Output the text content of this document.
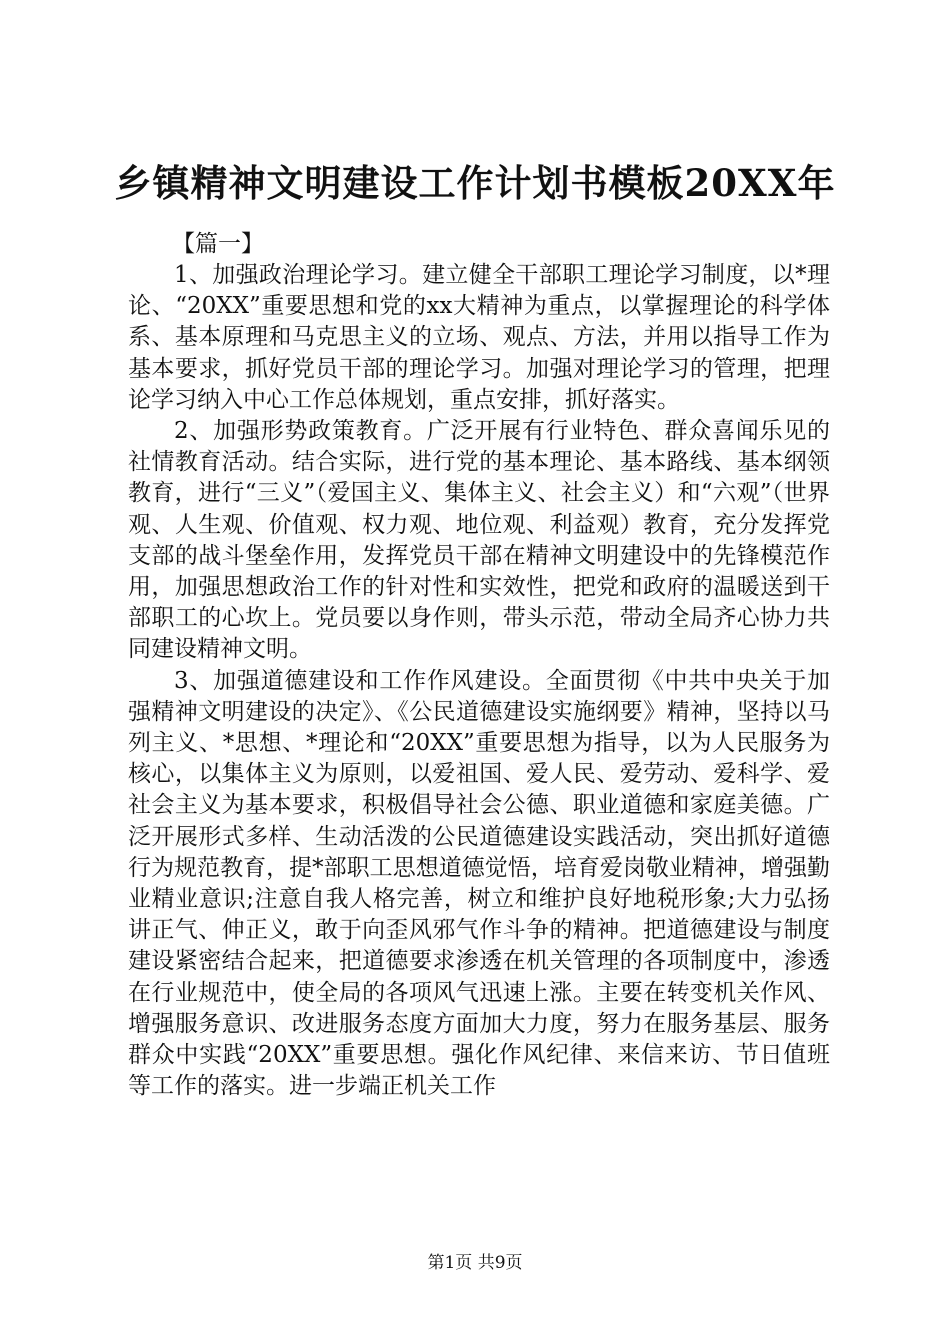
乡镇精神文明建设工作计划书模板20XX年
【篇一】

1、加强政治理论学习。建立健全干部职工理论学习制度，以*理论、“20XX”重要思想和党的xx大精神为重点，以掌握理论的科学体系、基本原理和马克思主义的立场、观点、方法，并用以指导工作为基本要求，抓好党员干部的理论学习。加强对理论学习的管理，把理论学习纳入中心工作总体规划，重点安排，抓好落实。

2、加强形势政策教育。广泛开展有行业特色、群众喜闻乐见的社情教育活动。结合实际，进行党的基本理论、基本路线、基本纲领教育，进行“三义”（爱国主义、集体主义、社会主义）和“六观”（世界观、人生观、价值观、权力观、地位观、利益观）教育，充分发挥党支部的战斗堡垒作用，发挥党员干部在精神文明建设中的先锋模范作用，加强思想政治工作的针对性和实效性，把党和政府的温暖送到干部职工的心坎上。党员要以身作则，带头示范，带动全局齐心协力共同建设精神文明。

3、加强道德建设和工作作风建设。全面贯彻《中共中央关于加强精神文明建设的决定》、《公民道德建设实施纲要》精神，坚持以马列主义、*思想、*理论和“20XX”重要思想为指导，以为人民服务为核心，以集体主义为原则，以爱祖国、爱人民、爱劳动、爱科学、爱社会主义为基本要求，积极倡导社会公德、职业道德和家庭美德。广泛开展形式多样、生动活泼的公民道德建设实践活动，突出抓好道德行为规范教育，提*部职工思想道德觉悟，培育爱岗敬业精神，增强勤业精业意识;注意自我人格完善，树立和维护良好地税形象;大力弘扬讲正气、伸正义，敢于向歪风邪气作斗争的精神。把道德建设与制度建设紧密结合起来，把道德要求渗透在机关管理的各项制度中，渗透在行业规范中，使全局的各项风气迅速上涨。主要在转变机关作风、增强服务意识、改进服务态度方面加大力度，努力在服务基层、服务群众中实践“20XX”重要思想。强化作风纪律、来信来访、节日值班等工作的落实。进一步端正机关工作

第1页 共9页
